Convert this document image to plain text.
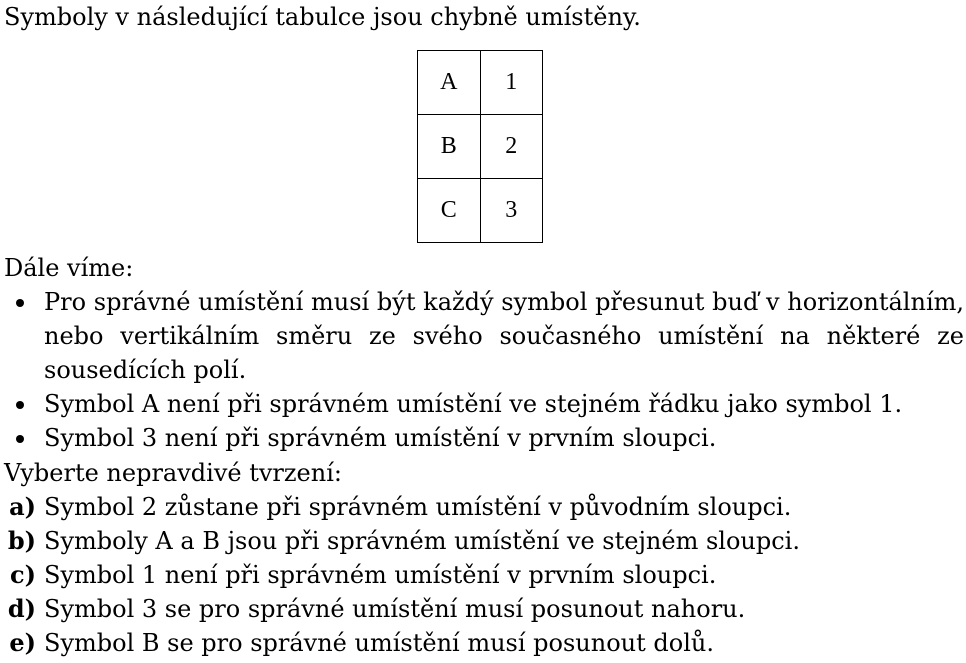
Symboly v následující tabulce jsou chybně umístěny.
A	1
B	2
C	3
Dále víme:
Pro správné umístění musí být každý symbol přesunut buď v horizontálním, nebo vertikálním směru ze svého současného umístění na některé ze sousedících polí.
Symbol A není při správném umístění ve stejném řádku jako symbol 1.
Symbol 3 není při správném umístění v prvním sloupci.
Vyberte nepravdivé tvrzení:
a) Symbol 2 zůstane při správném umístění v původním sloupci.
b) Symboly A a B jsou při správném umístění ve stejném sloupci.
c) Symbol 1 není při správném umístění v prvním sloupci.
d) Symbol 3 se pro správné umístění musí posunout nahoru.
e) Symbol B se pro správné umístění musí posunout dolů.
